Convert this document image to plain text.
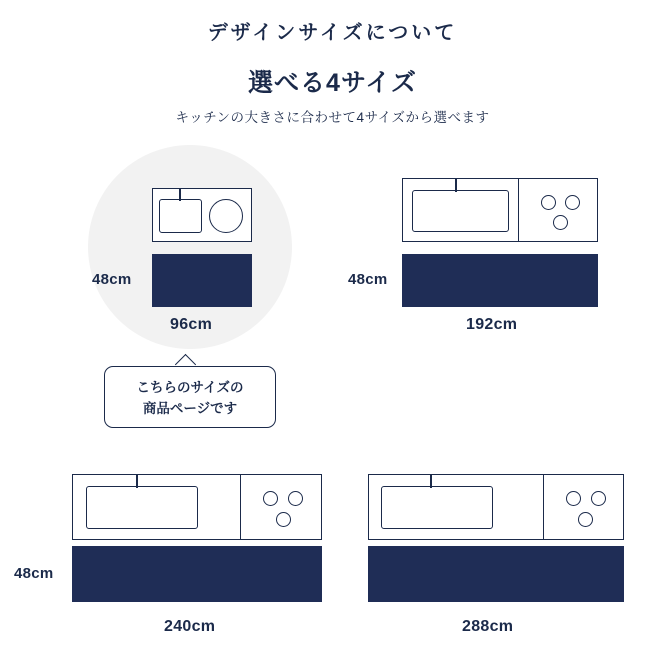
デザインサイズについて
選べる4サイズ
キッチンの大きさに合わせて4サイズから選べます
48cm
96cm
こちらのサイズの
商品ページです
48cm
192cm
48cm
240cm	288cm
